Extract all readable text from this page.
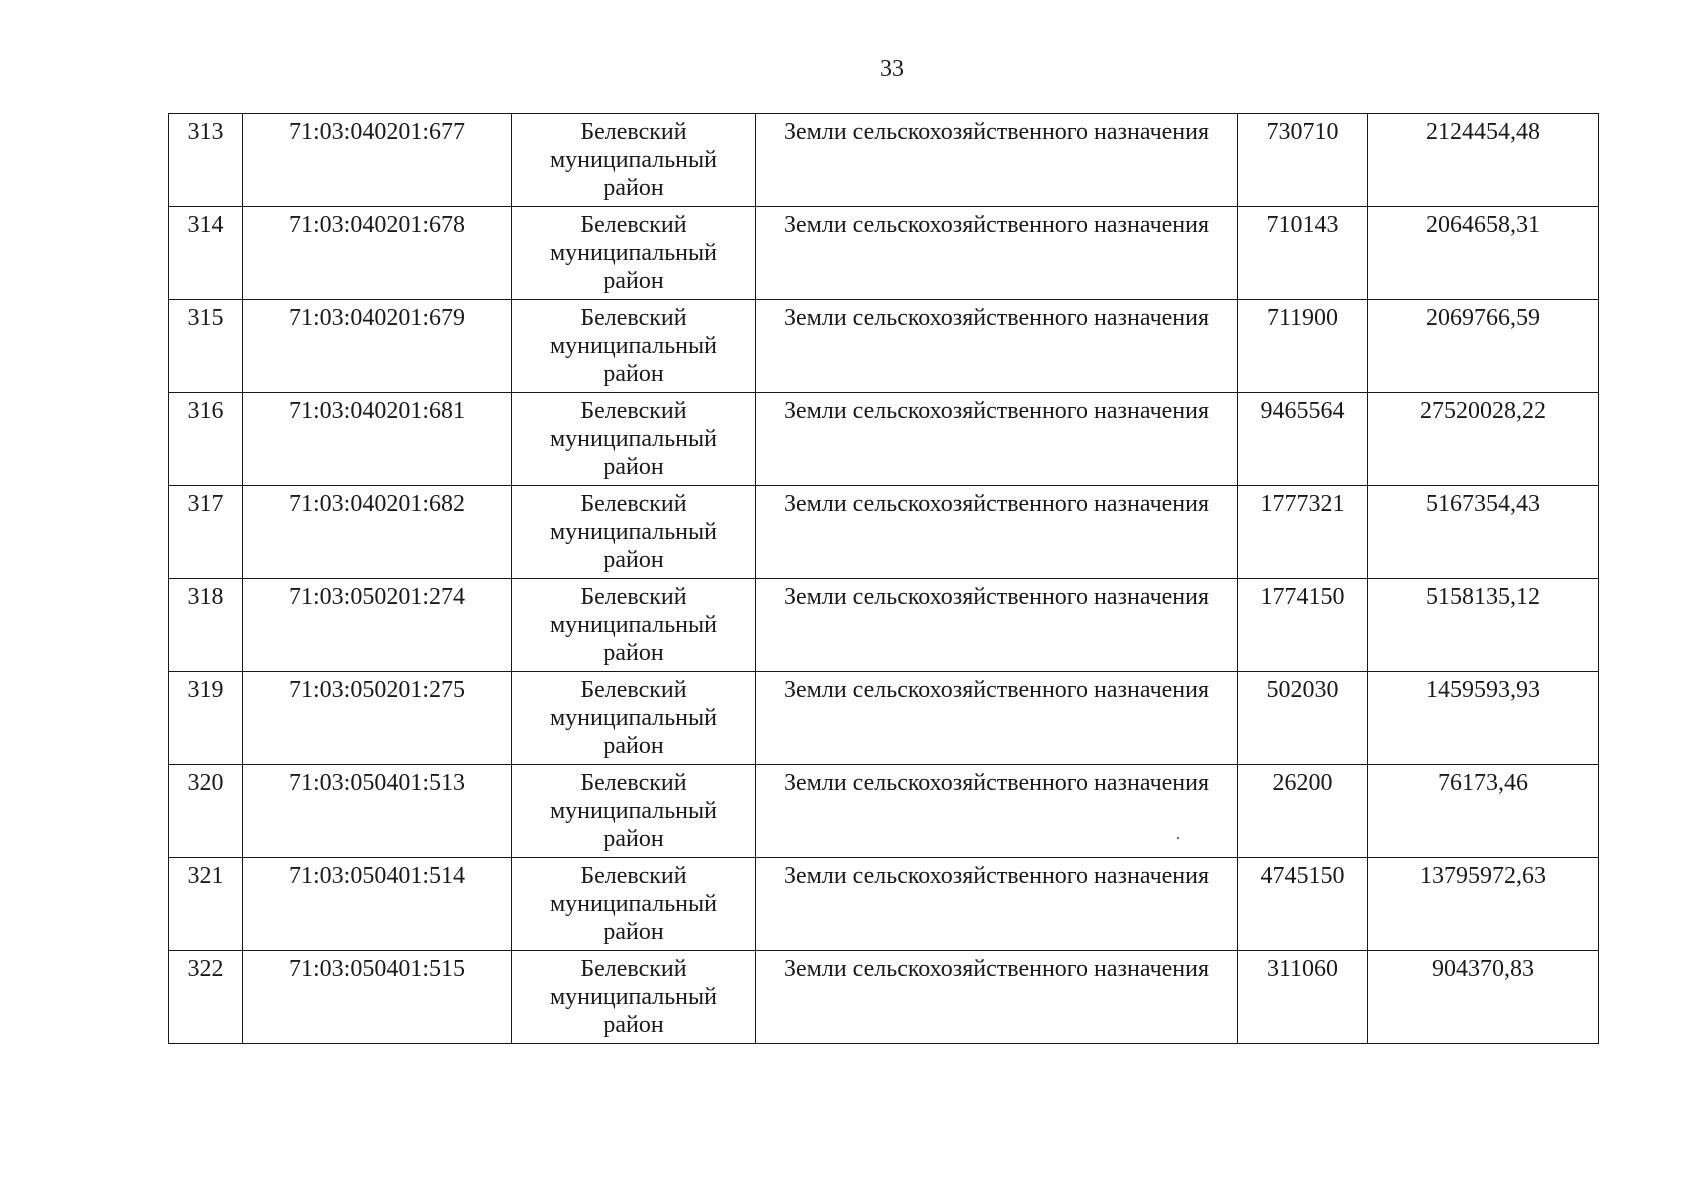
33
313	71:03:040201:677	Белевский муниципальный район	Земли сельскохозяйственного назначения	730710	2124454,48
314	71:03:040201:678	Белевский муниципальный район	Земли сельскохозяйственного назначения	710143	2064658,31
315	71:03:040201:679	Белевский муниципальный район	Земли сельскохозяйственного назначения	711900	2069766,59
316	71:03:040201:681	Белевский муниципальный район	Земли сельскохозяйственного назначения	9465564	27520028,22
317	71:03:040201:682	Белевский муниципальный район	Земли сельскохозяйственного назначения	1777321	5167354,43
318	71:03:050201:274	Белевский муниципальный район	Земли сельскохозяйственного назначения	1774150	5158135,12
319	71:03:050201:275	Белевский муниципальный район	Земли сельскохозяйственного назначения	502030	1459593,93
320	71:03:050401:513	Белевский муниципальный район	Земли сельскохозяйственного назначения	26200	76173,46
321	71:03:050401:514	Белевский муниципальный район	Земли сельскохозяйственного назначения	4745150	13795972,63
322	71:03:050401:515	Белевский муниципальный район	Земли сельскохозяйственного назначения	311060	904370,83
